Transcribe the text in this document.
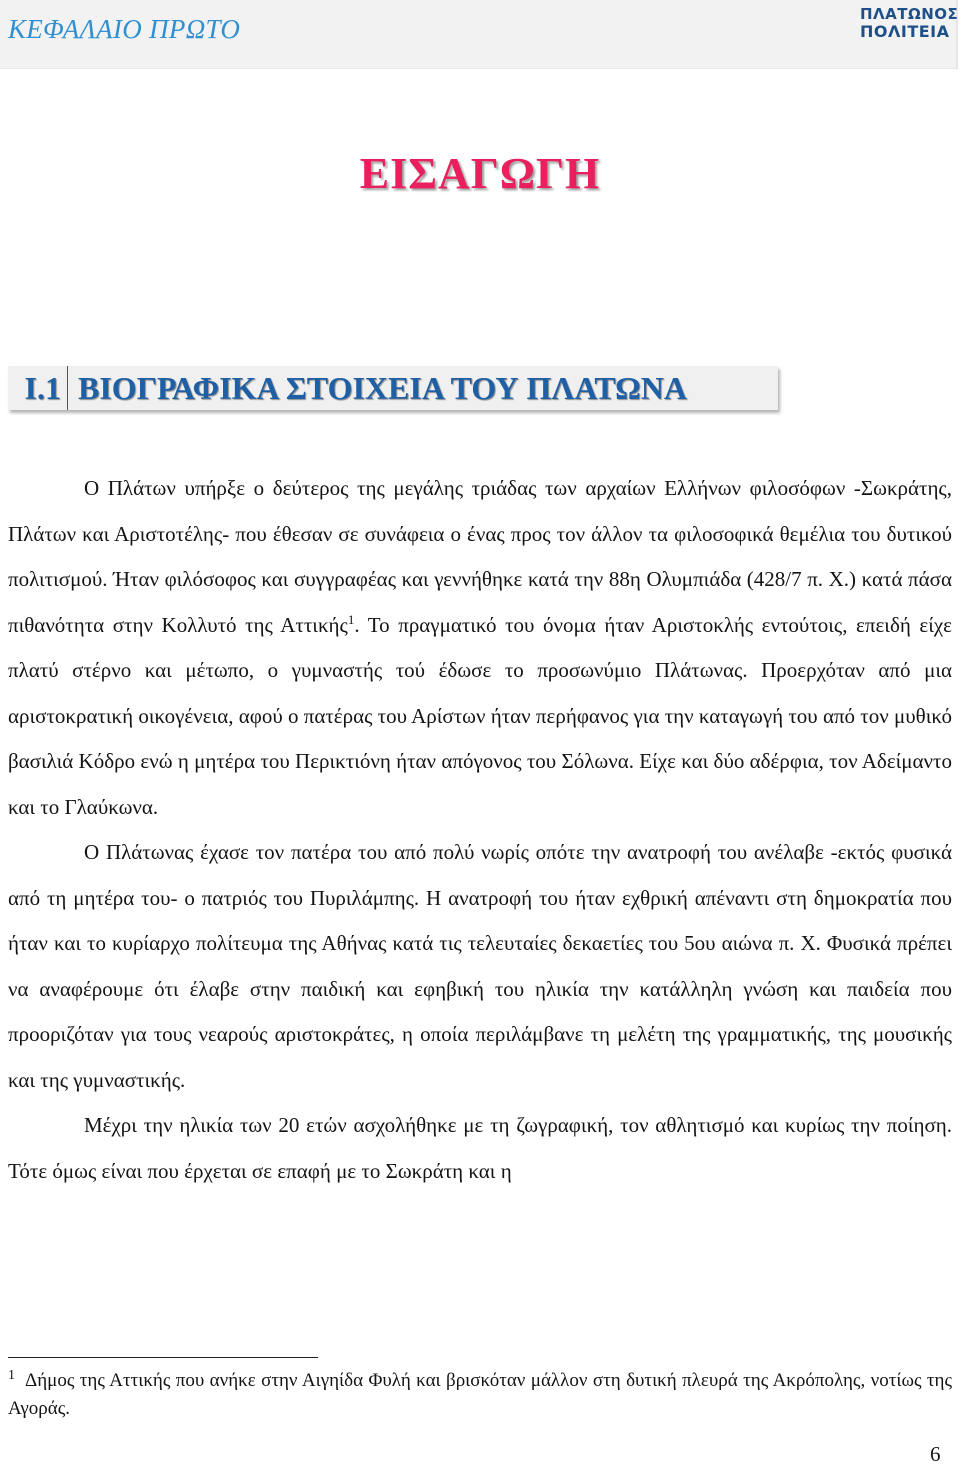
ΚΕΦΑΛΑΙΟ ΠΡΩΤΟ	ΠΛΑΤΩΝΟΣ
ΠΟΛΙΤΕΙΑ
ΕΙΣΑΓΩΓΗ
Ι.1 ΒΙΟΓΡΑΦΙΚΑ ΣΤΟΙΧΕΙΑ ΤΟΥ ΠΛΑΤΩΝΑ

Ο Πλάτων υπήρξε ο δεύτερος της μεγάλης τριάδας των αρχαίων Ελλήνων φιλοσόφων -Σωκράτης, Πλάτων και Αριστοτέλης- που έθεσαν σε συνάφεια ο ένας προς τον άλλον τα φιλοσοφικά θεμέλια του δυτικού πολιτισμού. Ήταν φιλόσοφος και συγγραφέας και γεννήθηκε κατά την 88η Ολυμπιάδα (428/7 π. Χ.) κατά πάσα πιθανότητα στην Κολλυτό της Αττικής$^1$. Το πραγματικό του όνομα ήταν Αριστοκλής εντούτοις, επειδή είχε πλατύ στέρνο και μέτωπο, ο γυμναστής τού έδωσε το προσωνύμιο Πλάτωνας. Προερχόταν από μια αριστοκρατική οικογένεια, αφού ο πατέρας του Αρίστων ήταν περήφανος για την καταγωγή του από τον μυθικό βασιλιά Κόδρο ενώ η μητέρα του Περικτιόνη ήταν απόγονος του Σόλωνα. Είχε και δύο αδέρφια, τον Αδείμαντο και το Γλαύκωνα.

Ο Πλάτωνας έχασε τον πατέρα του από πολύ νωρίς οπότε την ανατροφή του ανέλαβε -εκτός φυσικά από τη μητέρα του- ο πατριός του Πυριλάμπης. Η ανατροφή του ήταν εχθρική απέναντι στη δημοκρατία που ήταν και το κυρίαρχο πολίτευμα της Αθήνας κατά τις τελευταίες δεκαετίες του 5ου αιώνα π. Χ. Φυσικά πρέπει να αναφέρουμε ότι έλαβε στην παιδική και εφηβική του ηλικία την κατάλληλη γνώση και παιδεία που προοριζόταν για τους νεαρούς αριστοκράτες, η οποία περιλάμβανε τη μελέτη της γραμματικής, της μουσικής και της γυμναστικής.

Μέχρι την ηλικία των 20 ετών ασχολήθηκε με τη ζωγραφική, τον αθλητισμό και κυρίως την ποίηση. Τότε όμως είναι που έρχεται σε επαφή με το Σωκράτη και η

$^1$ Δήμος της Αττικής που ανήκε στην Αιγηίδα Φυλή και βρισκόταν μάλλον στη δυτική πλευρά της Ακρόπολης, νοτίως της Αγοράς.
6
